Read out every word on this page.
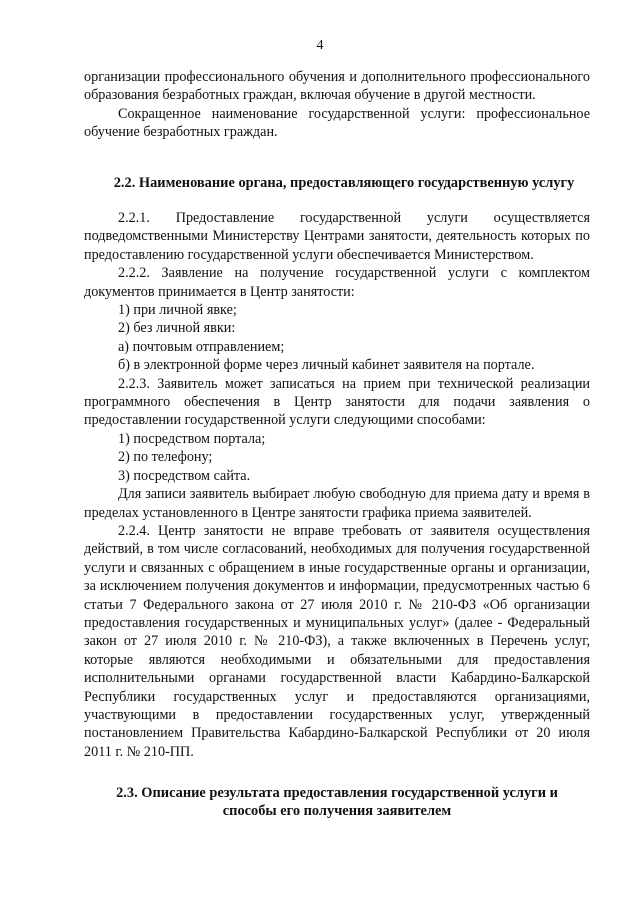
4

организации профессионального обучения и дополнительного профессионального образования безработных граждан, включая обучение в другой местности.

Сокращенное наименование государственной услуги: профессиональное обучение безработных граждан.

2.2. Наименование органа, предоставляющего государственную услугу

2.2.1. Предоставление государственной услуги осуществляется подведомственными Министерству Центрами занятости, деятельность которых по предоставлению государственной услуги обеспечивается Министерством.

2.2.2. Заявление на получение государственной услуги с комплектом документов принимается в Центр занятости:

1) при личной явке;

2) без личной явки:

а) почтовым отправлением;

б) в электронной форме через личный кабинет заявителя на портале.

2.2.3. Заявитель может записаться на прием при технической реализации программного обеспечения в Центр занятости для подачи заявления о предоставлении государственной услуги следующими способами:

1) посредством портала;

2) по телефону;

3) посредством сайта.

Для записи заявитель выбирает любую свободную для приема дату и время в пределах установленного в Центре занятости графика приема заявителей.

2.2.4. Центр занятости не вправе требовать от заявителя осуществления действий, в том числе согласований, необходимых для получения государственной услуги и связанных с обращением в иные государственные органы и организации, за исключением получения документов и информации, предусмотренных частью 6 статьи 7 Федерального закона от 27 июля 2010 г. № 210-ФЗ «Об организации предоставления государственных и муниципальных услуг» (далее - Федеральный закон от 27 июля 2010 г. № 210-ФЗ), а также включенных в Перечень услуг, которые являются необходимыми и обязательными для предоставления исполнительными органами государственной власти Кабардино-Балкарской Республики государственных услуг и предоставляются организациями, участвующими в предоставлении государственных услуг, утвержденный постановлением Правительства Кабардино-Балкарской Республики от 20 июля 2011 г. № 210-ПП.

2.3. Описание результата предоставления государственной услуги и

способы его получения заявителем
